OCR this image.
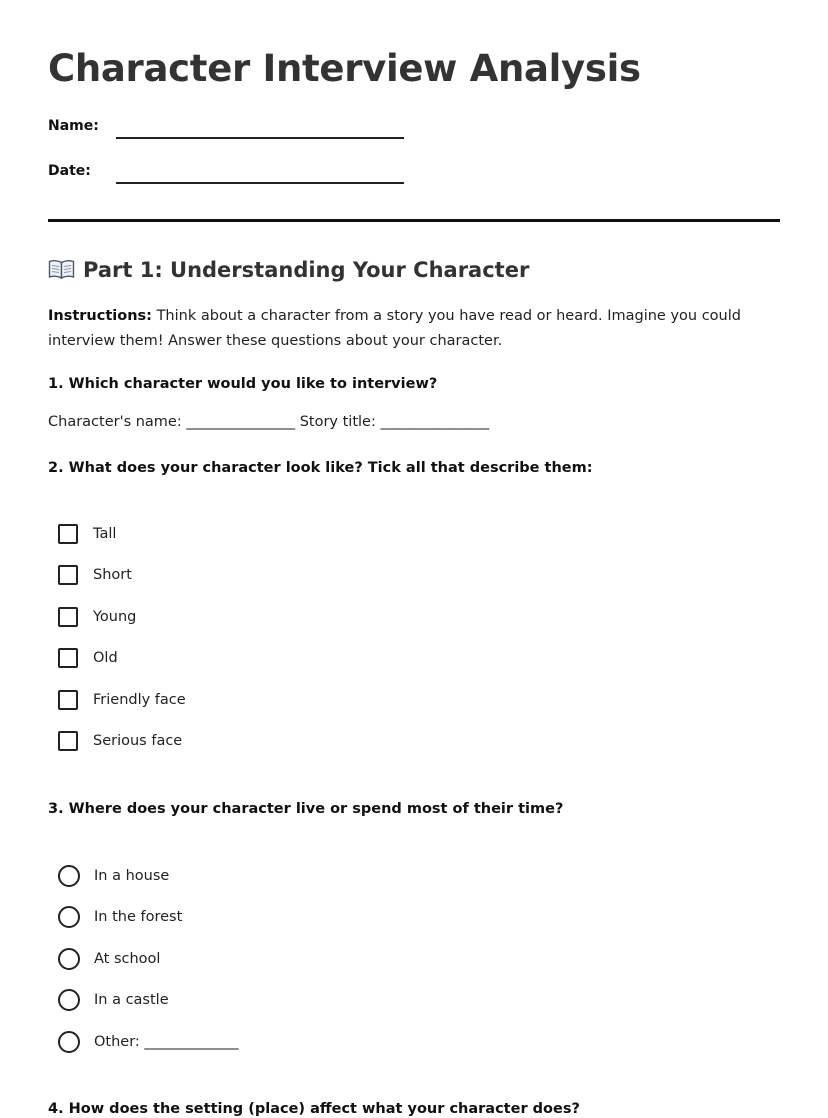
Character Interview Analysis
Name:
Date:
Part 1: Understanding Your Character

Instructions: Think about a character from a story you have read or heard. Imagine you could interview them! Answer these questions about your character.

1. Which character would you like to interview?

Character's name: _______________ Story title: _______________

2. What does your character look like? Tick all that describe them:

Tall
Short
Young
Old
Friendly face
Serious face

3. Where does your character live or spend most of their time?

In a house
In the forest
At school
In a castle
Other: _____________

4. How does the setting (place) affect what your character does?
